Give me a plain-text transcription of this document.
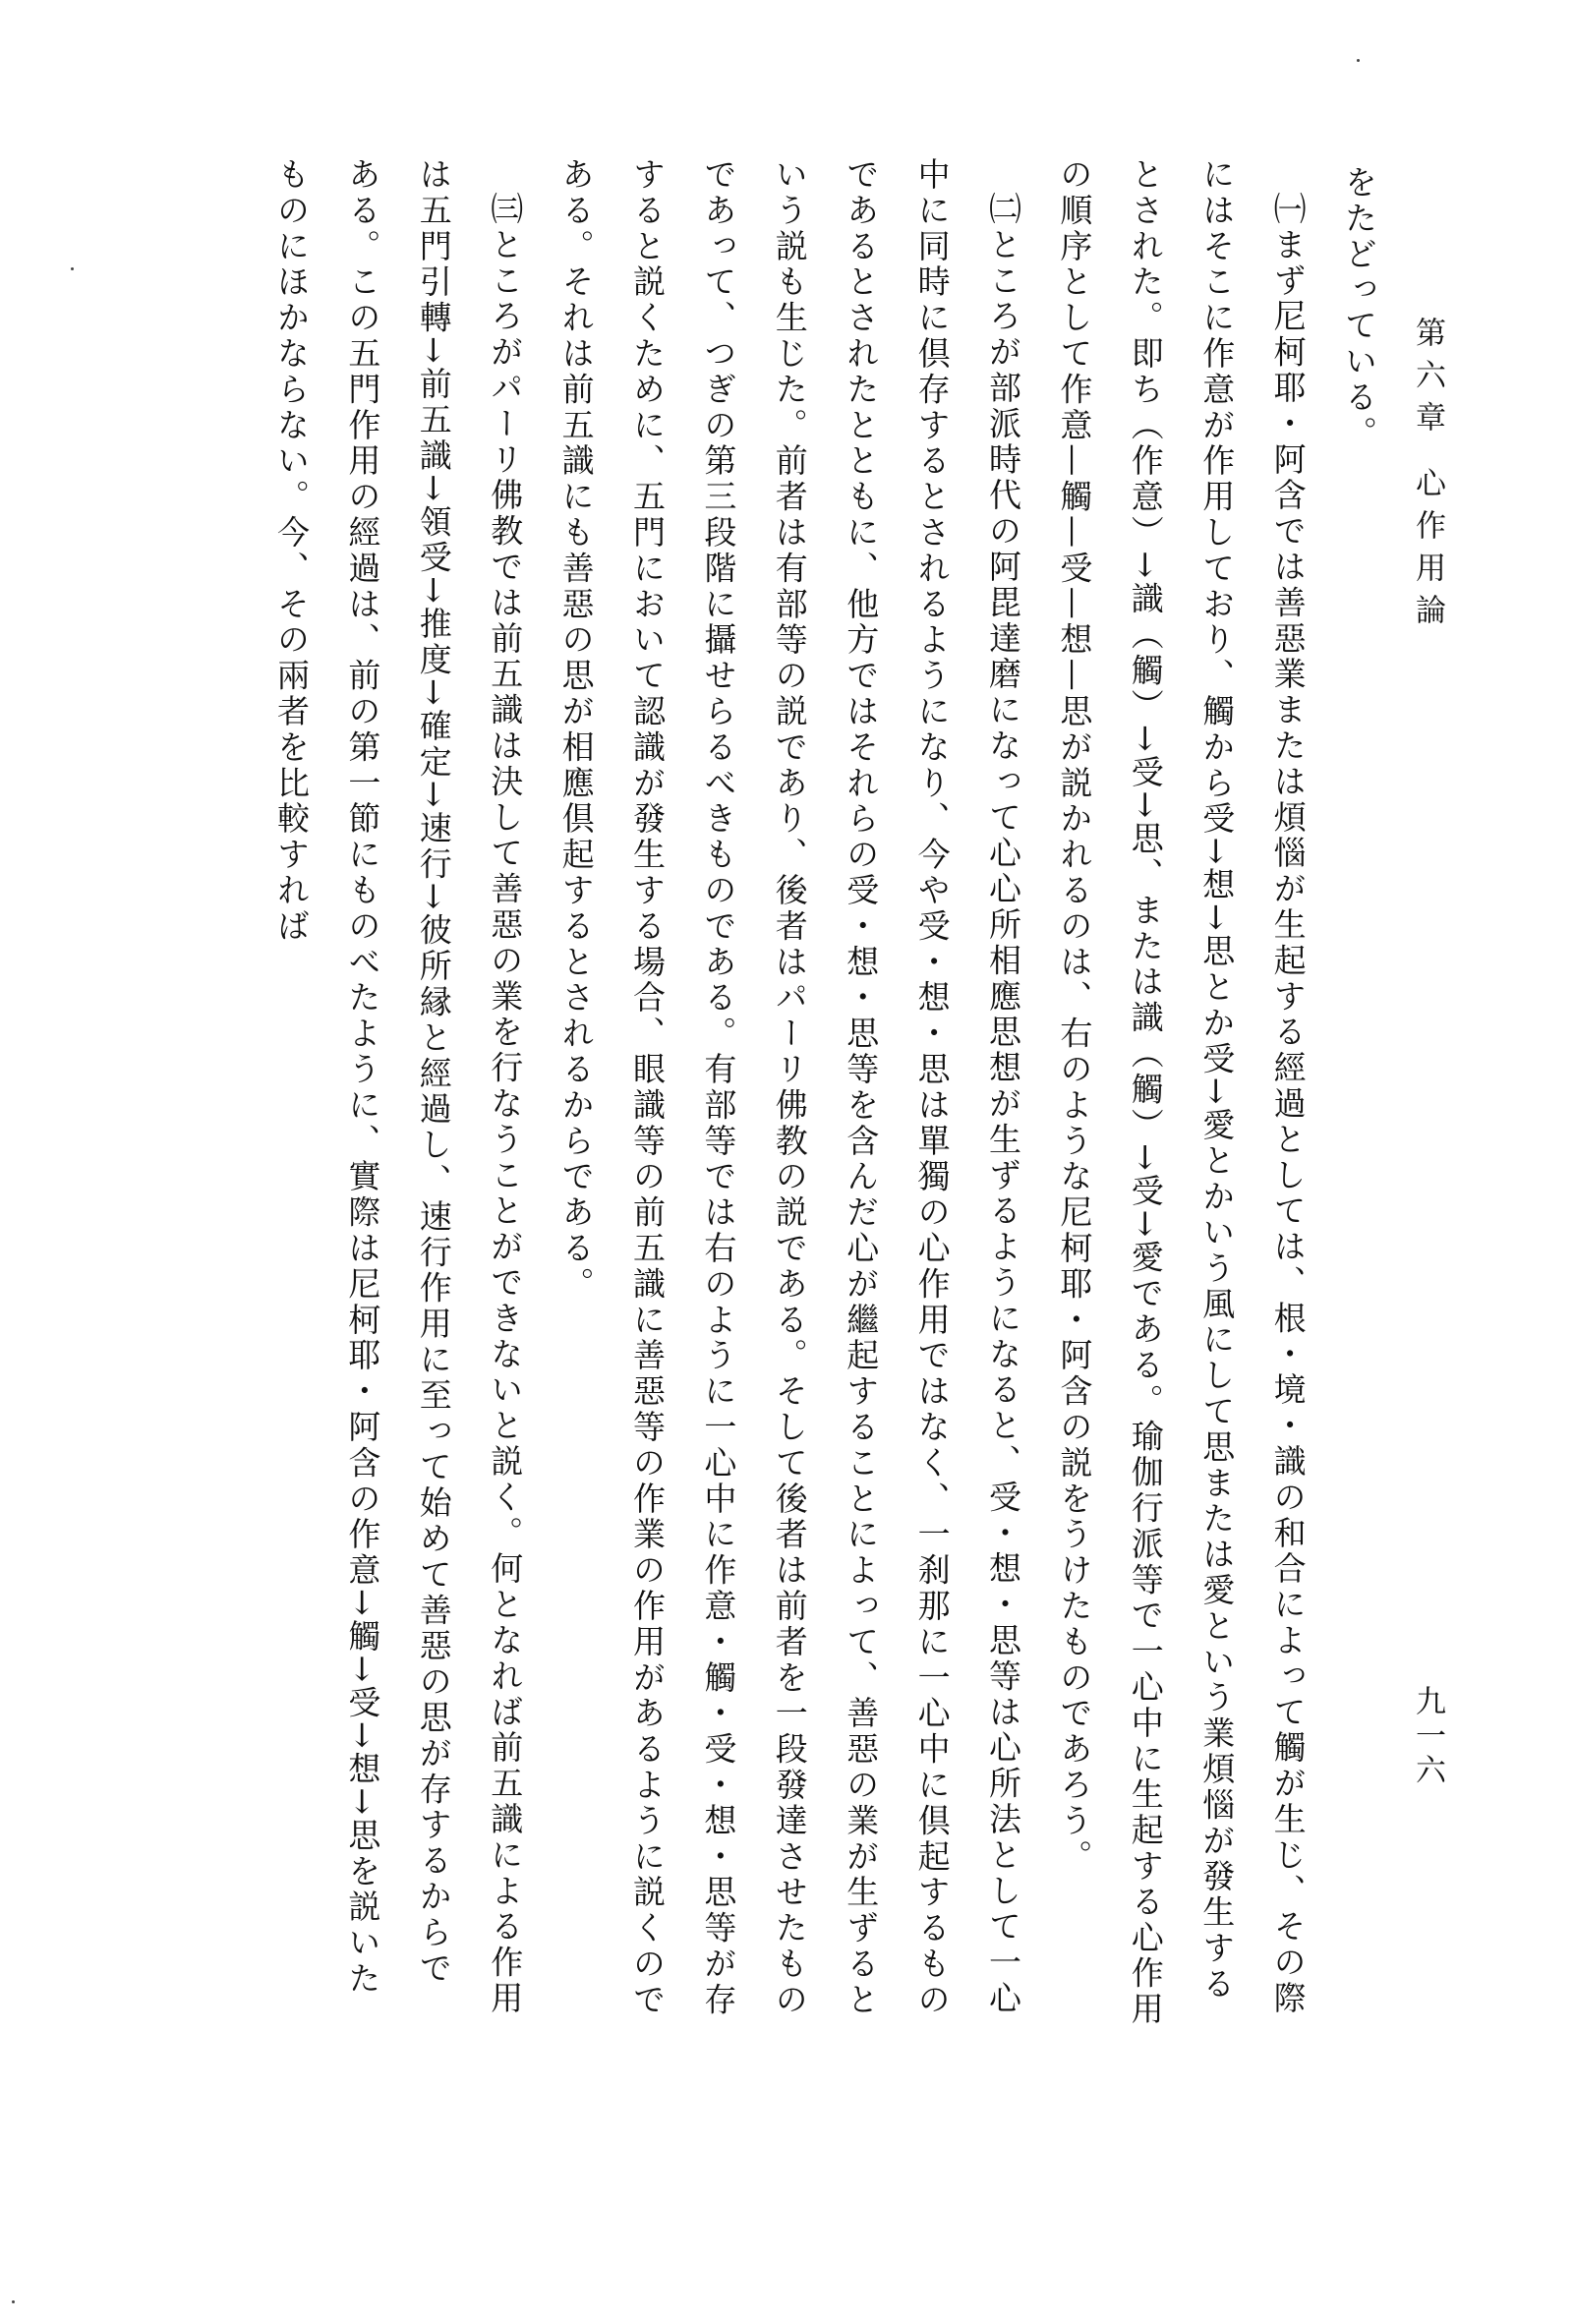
第六章心作用論
九一六
をたどっている。
㈠まず尼柯耶・阿含では善惡業または煩惱が生起する經過としては、根・境・識の和合によって觸が生じ、その際
にはそこに作意が作用しており、觸から受→想→思とか受→愛とかいう風にして思または愛という業煩惱が發生する
とされた。即ち（作意）→識（觸）→受→思、または識（觸）→受→愛である。瑜伽行派等で一心中に生起する心作用
の順序として作意—觸—受—想—思が説かれるのは、右のような尼柯耶・阿含の説をうけたものであろう。
㈡ところが部派時代の阿毘達磨になって心心所相應思想が生ずるようになると、受・想・思等は心所法として一心
中に同時に倶存するとされるようになり、今や受・想・思は單獨の心作用ではなく、一刹那に一心中に倶起するもの
であるとされたとともに、他方ではそれらの受・想・思等を含んだ心が繼起することによって、善惡の業が生ずると
いう説も生じた。前者は有部等の説であり、後者はパーリ佛教の説である。そして後者は前者を一段發達させたもの
であって、つぎの第三段階に攝せらるべきものである。有部等では右のように一心中に作意・觸・受・想・思等が存
すると説くために、五門において認識が發生する場合、眼識等の前五識に善惡等の作業の作用があるように説くので
ある。それは前五識にも善惡の思が相應倶起するとされるからである。
㈢ところがパーリ佛教では前五識は決して善惡の業を行なうことができないと説く。何となれば前五識による作用
は五門引轉→前五識→領受→推度→確定→速行→彼所縁と經過し、速行作用に至って始めて善惡の思が存するからで
ある。この五門作用の經過は、前の第一節にものべたように、實際は尼柯耶・阿含の作意→觸→受→想→思を説いた
ものにほかならない。今、その兩者を比較すれば
